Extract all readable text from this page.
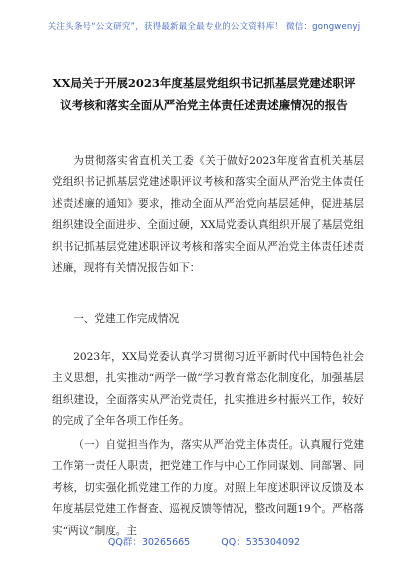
关注头条号“公文研究”，获得最新最全最专业的公文资料库！ 微信：gongwenyj
XX局关于开展2023年度基层党组织书记抓基层党建述职评
议考核和落实全面从严治党主体责任述责述廉情况的报告

为贯彻落实省直机关工委《关于做好2023年度省直机关基层党组织书记抓基层党建述职评议考核和落实全面从严治党主体责任述责述廉的通知》要求，推动全面从严治党向基层延伸，促进基层组织建设全面进步、全面过硬，XX局党委认真组织开展了基层党组织书记抓基层党建述职评议考核和落实全面从严治党主体责任述责述廉，现将有关情况报告如下：

一、党建工作完成情况

2023年，XX局党委认真学习贯彻习近平新时代中国特色社会主义思想，扎实推动“两学一做”学习教育常态化制度化，加强基层组织建设，全面落实从严治党责任，扎实推进乡村振兴工作，较好的完成了全年各项工作任务。

（一）自觉担当作为，落实从严治党主体责任。认真履行党建工作第一责任人职责，把党建工作与中心工作同谋划、同部署、同考核，切实强化抓党建工作的力度。对照上年度述职评议反馈及本年度基层党建工作督查、巡视反馈等情况，整改问题19个。严格落实“两议”制度。主

QQ群：30265665	QQ：535304092
